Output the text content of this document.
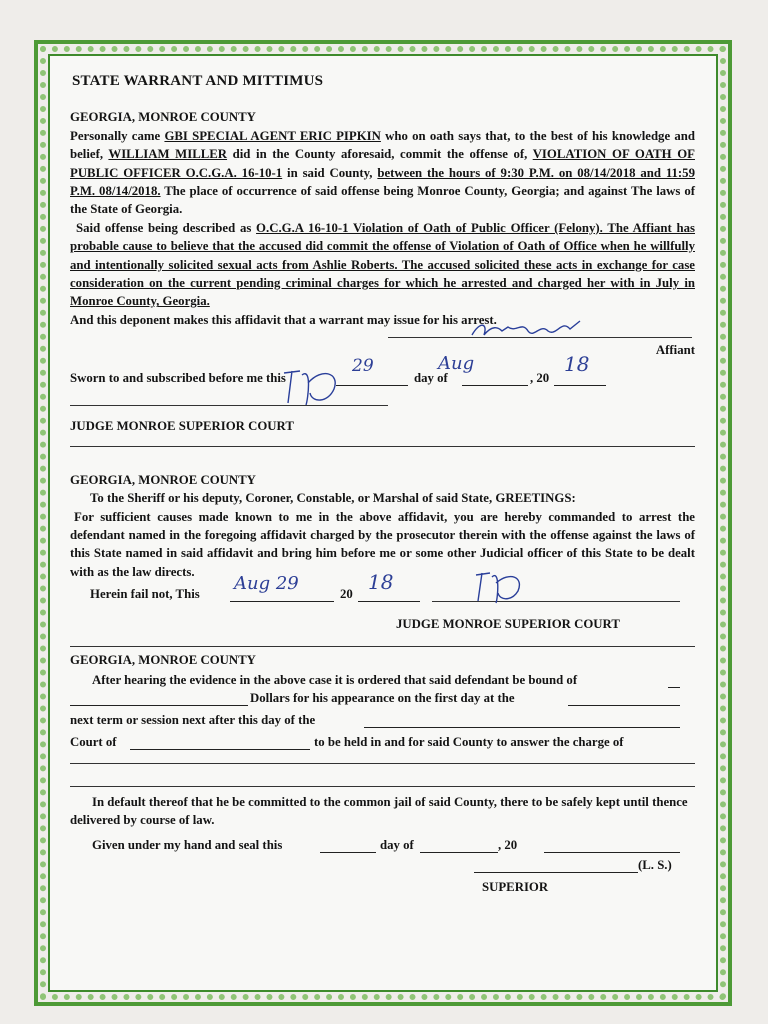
STATE WARRANT AND MITTIMUS

GEORGIA, MONROE COUNTY

Personally came GBI SPECIAL AGENT ERIC PIPKIN who on oath says that, to the best of his knowledge and belief, WILLIAM MILLER did in the County aforesaid, commit the offense of, VIOLATION OF OATH OF PUBLIC OFFICER O.C.G.A. 16-10-1 in said County, between the hours of 9:30 P.M. on 08/14/2018 and 11:59 P.M. 08/14/2018. The place of occurrence of said offense being Monroe County, Georgia; and against The laws of the State of Georgia.

Said offense being described as O.C.G.A 16-10-1 Violation of Oath of Public Officer (Felony). The Affiant has probable cause to believe that the accused did commit the offense of Violation of Oath of Office when he willfully and intentionally solicited sexual acts from Ashlie Roberts. The accused solicited these acts in exchange for case consideration on the current pending criminal charges for which he arrested and charged her with in July in Monroe County, Georgia.

And this deponent makes this affidavit that a warrant may issue for his arrest.

Affiant
Sworn to and subscribed before me this
29
day of
Aug
, 20
18

JUDGE MONROE SUPERIOR COURT

GEORGIA, MONROE COUNTY

To the Sheriff or his deputy, Coroner, Constable, or Marshal of said State, GREETINGS:

For sufficient causes made known to me in the above affidavit, you are hereby commanded to arrest the defendant named in the foregoing affidavit charged by the prosecutor therein with the offense against the laws of this State named in said affidavit and bring him before me or some other Judicial officer of this State to be dealt with as the law directs.

Herein fail not, This Aug 29	20 18

JUDGE MONROE SUPERIOR COURT

GEORGIA, MONROE COUNTY

After hearing the evidence in the above case it is ordered that said defendant be bound of
Dollars for his appearance on the first day at the
next term or session next after this day of the
Court of	to be held in and for said County to answer the charge of

In default thereof that he be committed to the common jail of said County, there to be safely kept until thence delivered by course of law.

Given under my hand and seal this	day of	, 20
(L. S.)

SUPERIOR
